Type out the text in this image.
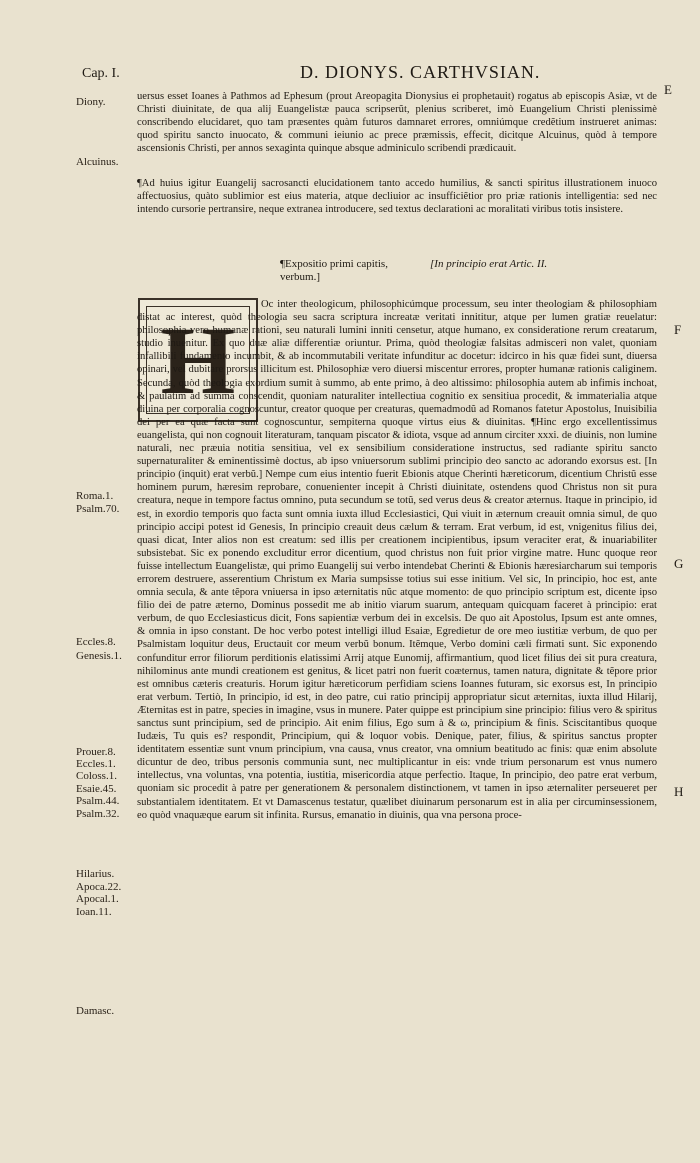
Cap. I.	D. DIONYS. CARTHVSIAN.
E
Diony.
Alcuinus.
Roma.1.
Psalm.70.
Eccles.8.
Genesis.1.
Prouer.8.
Eccles.1.
Coloss.1.
Esaie.45.
Psalm.44.
Psalm.32.
Hilarius.
Apoca.22.
Apocal.1.
Ioan.11.
Damasc.
F
G
H
uersus esset Ioanes à Pathmos ad Ephesum (prout Areopagita Dionysius ei prophetauit) rogatus ab episcopis Asiæ, vt de Christi diuinitate, de qua alij Euangelistæ pauca scripserũt, plenius scriberet, imò Euangelium Christi plenissimè conscribendo elucidaret, quo tam præsentes quàm futuros damnaret errores, omniúmque credẽtium instrueret animas: quod spiritu sancto inuocato, & communi ieiunio ac prece præmissis, effecit, dicitque Alcuinus, quòd à tempore ascensionis Christi, per annos sexaginta quinque absque adminiculo scribendi prædicauit.
¶Ad huius igitur Euangelij sacrosancti elucidationem tanto accedo humilius, & sancti spiritus illustrationem inuoco affectuosius, quàto sublimior est eius materia, atque decliuior ac insufficiẽtior pro priæ rationis intelligentia: sed nec intendo cursorie pertransire, neque extranea introducere, sed textus declarationi ac moralitati viribus totis insistere.
¶Expositio primi capitis, verbum.]
[In principio erat Artic. II.
H
Oc inter theologicum, philosophicúmque processum, seu inter theologiam & philosophiam distat ac interest, quòd theologia seu sacra scriptura increatæ veritati innititur, atque per lumen gratiæ reuelatur: philosophia vero humanæ rationi, seu naturali lumini inniti censetur, atque humano, ex consideratione rerum creatarum, studio inuenitur. Ex quo duæ aliæ differentiæ oriuntur. Prima, quòd theologiæ falsitas admisceri non valet, quoniam infallibili fundamento incumbit, & ab incommutabili veritate infunditur ac docetur: idcirco in his quæ fidei sunt, diuersa opinari, vel dubitare prorsus illicitum est. Philosophiæ vero diuersi miscentur errores, propter humanæ rationis caliginem. Secunda, quòd theologia exordium sumit à summo, ab ente primo, à deo altissimo: philosophia autem ab infimis inchoat, & paulatim ad summa conscendit, quoniam naturaliter intellectiua cognitio ex sensitiua procedit, & immaterialia atque diuina per corporalia cognoscuntur, creator quoque per creaturas, quemadmodũ ad Romanos fatetur Apostolus, Inuisibilia dei per ea quæ facta sunt cognoscuntur, sempiterna quoque virtus eius & diuinitas. ¶Hinc ergo excellentissimus euangelista, qui non cognouit literaturam, tanquam piscator & idiota, vsque ad annum circiter xxxi. de diuinis, non lumine naturali, nec præuia notitia sensitiua, vel ex sensibilium consideratione instructus, sed radiante spiritu sancto supernaturaliter & eminentissimè doctus, ab ipso vniuersorum sublimi principio deo sancto ac adorando exorsus est. [In principio (inquit) erat verbũ.] Nempe cum eius intentio fuerit Ebionis atque Cherinti hæreticorum, dicentium Christũ esse hominem purum, hæresim reprobare, conuenienter incepit à Christi diuinitate, ostendens quod Christus non sit pura creatura, neque in tempore factus omnino, puta secundum se totũ, sed verus deus & creator æternus. Itaque in principio, id est, in exordio temporis quo facta sunt omnia iuxta illud Ecclesiastici, Qui viuit in æternum creauit omnia simul, de quo principio accipi potest id Genesis, In principio creauit deus cælum & terram. Erat verbum, id est, vnigenitus filius dei, quasi dicat, Inter alios non est creatum: sed illis per creationem incipientibus, ipsum veraciter erat, & inuariabiliter subsistebat. Sic ex ponendo excluditur error dicentium, quod christus non fuit prior virgine matre. Hunc quoque reor fuisse intellectum Euangelistæ, qui primo Euangelij sui verbo intendebat Cherinti & Ebionis hæresiarcharum sui temporis errorem destruere, asserentium Christum ex Maria sumpsisse totius sui esse initium. Vel sic, In principio, hoc est, ante omnia secula, & ante tẽpora vniuersa in ipso æternitatis nũc atque momento: de quo principio scriptum est, dicente ipso filio dei de patre æterno, Dominus possedit me ab initio viarum suarum, antequam quicquam faceret à principio: erat verbum, de quo Ecclesiasticus dicit, Fons sapientiæ verbum dei in excelsis. De quo ait Apostolus, Ipsum est ante omnes, & omnia in ipso constant. De hoc verbo potest intelligi illud Esaiæ, Egredietur de ore meo iustitiæ verbum, de quo per Psalmistam loquitur deus, Eructauit cor meum verbũ bonum. Itẽmque, Verbo domini cæli firmati sunt. Sic exponendo confunditur error filiorum perditionis elatissimi Arrij atque Eunomij, affirmantium, quod licet filius dei sit pura creatura, nihilominus ante mundi creationem est genitus, & licet patri non fuerit coæternus, tamen natura, dignitate & tẽpore prior est omnibus cæteris creaturis. Horum igitur hæreticorum perfidiam sciens Ioannes futuram, sic exorsus est, In principio erat verbum. Tertiò, In principio, id est, in deo patre, cui ratio principij appropriatur sicut æternitas, iuxta illud Hilarij, Æternitas est in patre, species in imagine, vsus in munere. Pater quippe est principium sine principio: filius vero & spiritus sanctus sunt principium, sed de principio. Ait enim filius, Ego sum à & ω, principium & finis. Sciscitantibus quoque Iudæis, Tu quis es? respondit, Principium, qui & loquor vobis. Denique, pater, filius, & spiritus sanctus propter identitatem essentiæ sunt vnum principium, vna causa, vnus creator, vna omnium beatitudo ac finis: quæ enim absolute dicuntur de deo, tribus personis communia sunt, nec multiplicantur in eis: vnde trium personarum est vnus numero intellectus, vna voluntas, vna potentia, iustitia, misericordia atque perfectio. Itaque, In principio, deo patre erat verbum, quoniam sic procedit à patre per generationem & personalem distinctionem, vt tamen in ipso æternaliter perseueret per substantialem identitatem. Et vt Damascenus testatur, quælibet diuinarum personarum est in alia per circuminsessionem, eo quòd vnaquæque earum sit infinita. Rursus, emanatio in diuinis, qua vna persona proce-
